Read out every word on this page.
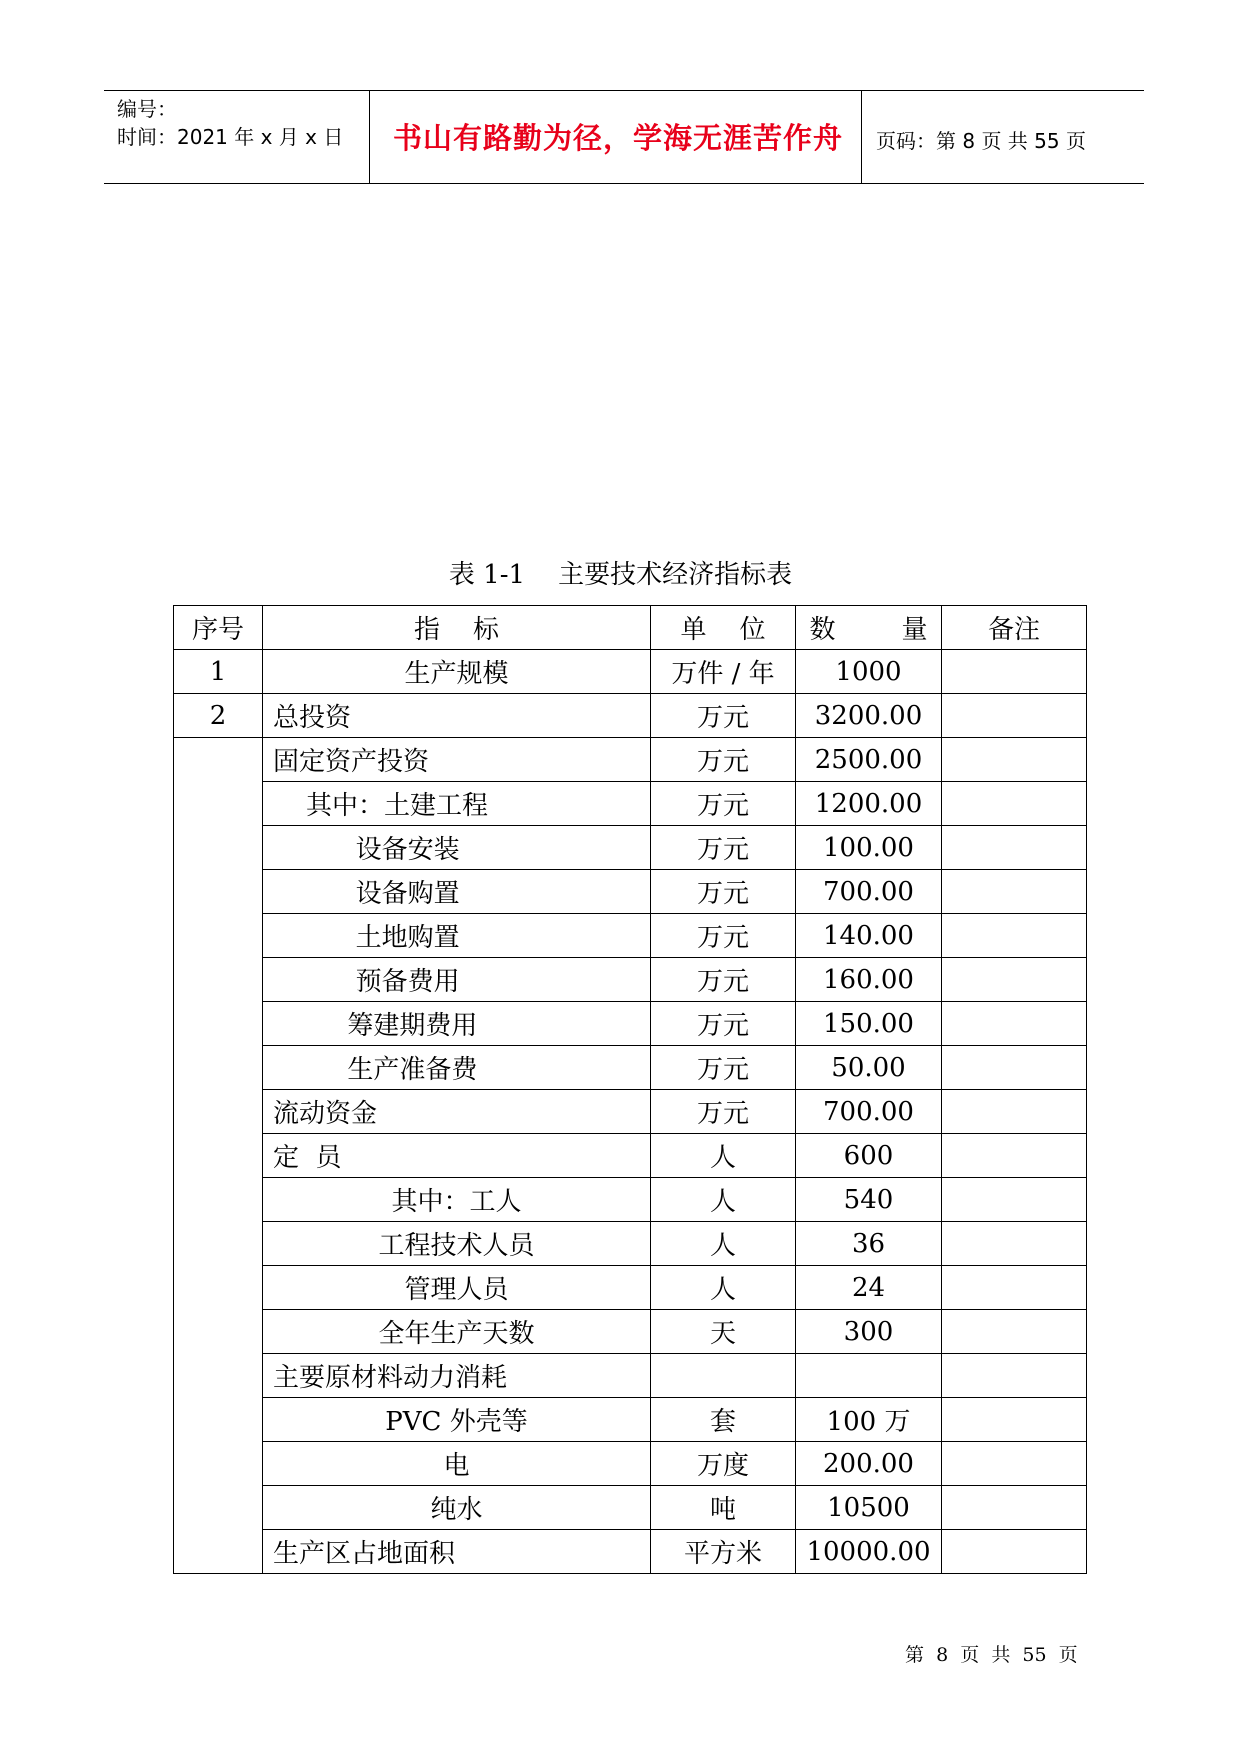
编号：
时间：2021 年 x 月 x 日 书山有路勤为径，学海无涯苦作舟 页码：第 8 页 共 55 页
表 1-1    主要技术经济指标表
序号	指    标	单    位	数        量	备注
1	生产规模	万件 / 年	1000	
2	总投资	万元	3200.00	
	固定资产投资	万元	2500.00	
	其中：土建工程	万元	1200.00	
	设备安装	万元	100.00	
	设备购置	万元	700.00	
	土地购置	万元	140.00	
	预备费用	万元	160.00	
	筹建期费用	万元	150.00	
	生产准备费	万元	50.00	
	流动资金	万元	700.00	
	定  员	人	600	
	其中：工人	人	540	
	工程技术人员	人	36	
	管理人员	人	24	
	全年生产天数	天	300	
	主要原材料动力消耗			
	PVC 外壳等	套	100 万	
	电	万度	200.00	
	纯水	吨	10500	
	生产区占地面积	平方米	10000.00	
第  8  页  共  55  页
